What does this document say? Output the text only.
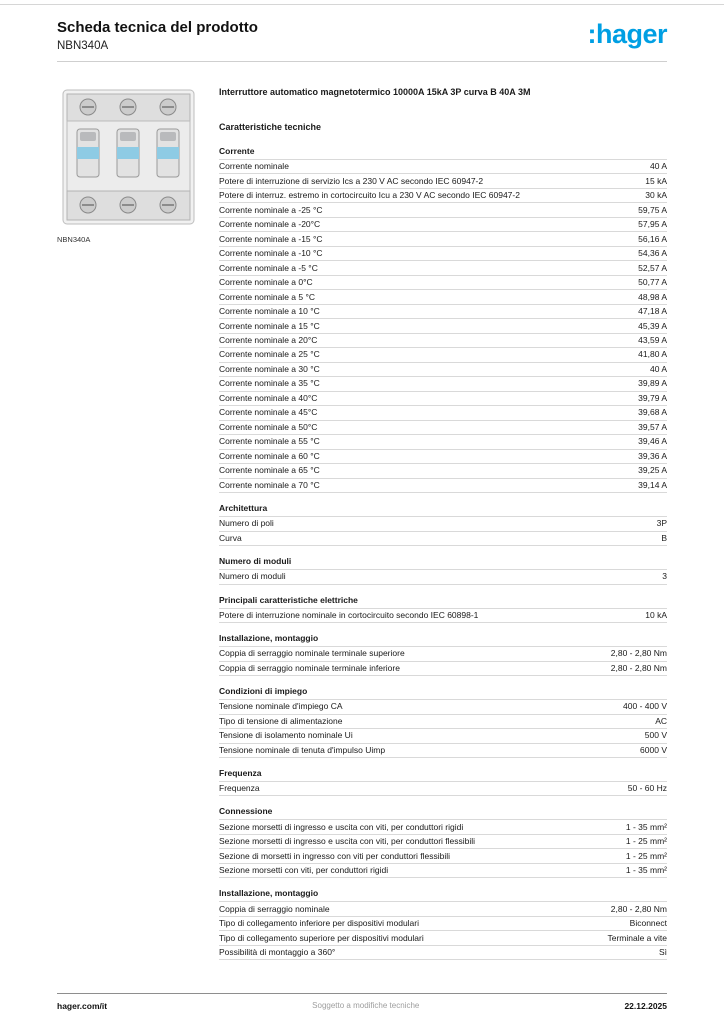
Scheda tecnica del prodotto
NBN340A	:hager
NBN340A
Interruttore automatico magnetotermico 10000A 15kA 3P curva B 40A 3M
Caratteristiche tecniche
Corrente
Corrente nominale	40 A
Potere di interruzione di servizio Ics a 230 V AC secondo IEC 60947-2	15 kA
Potere di interruz. estremo in cortocircuito Icu a 230 V AC secondo IEC 60947-2	30 kA
Corrente nominale a -25 °C	59,75 A
Corrente nominale a -20°C	57,95 A
Corrente nominale a -15 °C	56,16 A
Corrente nominale a -10 °C	54,36 A
Corrente nominale a -5 °C	52,57 A
Corrente nominale a 0°C	50,77 A
Corrente nominale a 5 °C	48,98 A
Corrente nominale a 10 °C	47,18 A
Corrente nominale a 15 °C	45,39 A
Corrente nominale a 20°C	43,59 A
Corrente nominale a 25 °C	41,80 A
Corrente nominale a 30 °C	40 A
Corrente nominale a 35 °C	39,89 A
Corrente nominale a 40°C	39,79 A
Corrente nominale a 45°C	39,68 A
Corrente nominale a 50°C	39,57 A
Corrente nominale a 55 °C	39,46 A
Corrente nominale a 60 °C	39,36 A
Corrente nominale a 65 °C	39,25 A
Corrente nominale a 70 °C	39,14 A
Architettura
Numero di poli	3P
Curva	B
Numero di moduli
Numero di moduli	3
Principali caratteristiche elettriche
Potere di interruzione nominale in cortocircuito secondo IEC 60898-1	10 kA
Installazione, montaggio
Coppia di serraggio nominale terminale superiore	2,80 - 2,80 Nm
Coppia di serraggio nominale terminale inferiore	2,80 - 2,80 Nm
Condizioni di impiego
Tensione nominale d'impiego CA	400 - 400 V
Tipo di tensione di alimentazione	AC
Tensione di isolamento nominale Ui	500 V
Tensione nominale di tenuta d'impulso Uimp	6000 V
Frequenza
Frequenza	50 - 60 Hz
Connessione
Sezione morsetti di ingresso e uscita con viti, per conduttori rigidi	1 - 35 mm²
Sezione morsetti di ingresso e uscita con viti, per conduttori flessibili	1 - 25 mm²
Sezione di morsetti in ingresso con viti per conduttori flessibili	1 - 25 mm²
Sezione morsetti con viti, per conduttori rigidi	1 - 35 mm²
Installazione, montaggio
Coppia di serraggio nominale	2,80 - 2,80 Nm
Tipo di collegamento inferiore per dispositivi modulari	Biconnect
Tipo di collegamento superiore per dispositivi modulari	Terminale a vite
Possibilità di montaggio a 360°	Sì
hager.com/it	Soggetto a modifiche tecniche	22.12.2025
